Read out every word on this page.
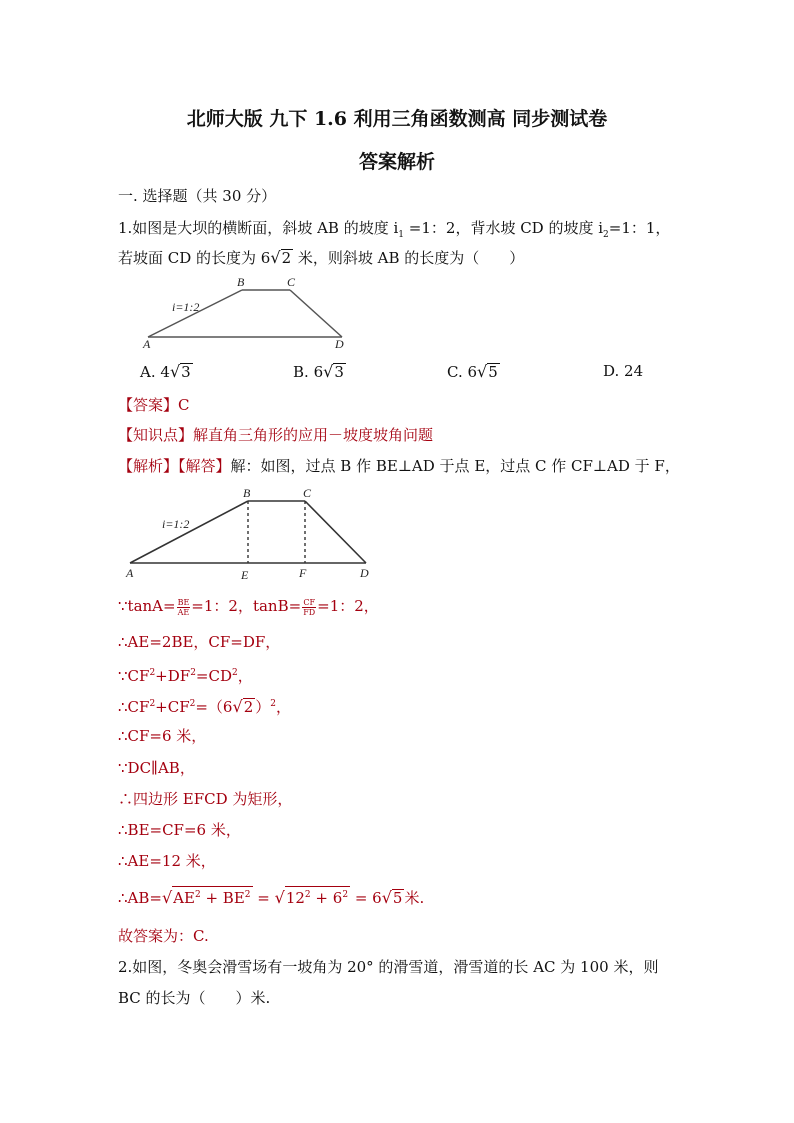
北师大版 九下 1.6 利用三角函数测高 同步测试卷
答案解析
一. 选择题（共 30 分）
1.如图是大坝的横断面，斜坡 AB 的坡度 $i_1 =1$：2，背水坡 CD 的坡度 $i_2=1$：1，
若坡面 CD 的长度为 6√2 米，则斜坡 AB 的长度为（　　）
i=1:2
A
B	C
D
A. 4√3	B. 6√3	C. 6√5	D. 24
【答案】C
【知识点】解直角三角形的应用－坡度坡角问题
【解析】【解答】解：如图，过点 B 作 BE⊥AD 于点 E，过点 C 作 CF⊥AD 于 F，
i=1:2
A
B	C
D
E	F
∵tanA= $\frac{BE}{AE} =1$：2，$\tan B= \frac{CF}{FD} =1$：2，
∴AE=2BE，CF=DF，
$\because CF^2+DF^2=CD^2$，
$\therefore CF^2+CF^2=(6√2$ ）$^2$，
∴CF=6 米，
∵DC∥AB，
∴四边形 EFCD 为矩形，
∴BE=CF=6 米，
∴AE=12 米，
$\therefore AB=√AE^2 + BE^2 = √12^2 + 6^2 = 6√5$ 米.
故答案为：C.
2.如图，冬奥会滑雪场有一坡角为 20° 的滑雪道，滑雪道的长 AC 为 100 米，则
BC 的长为（　　）米.
